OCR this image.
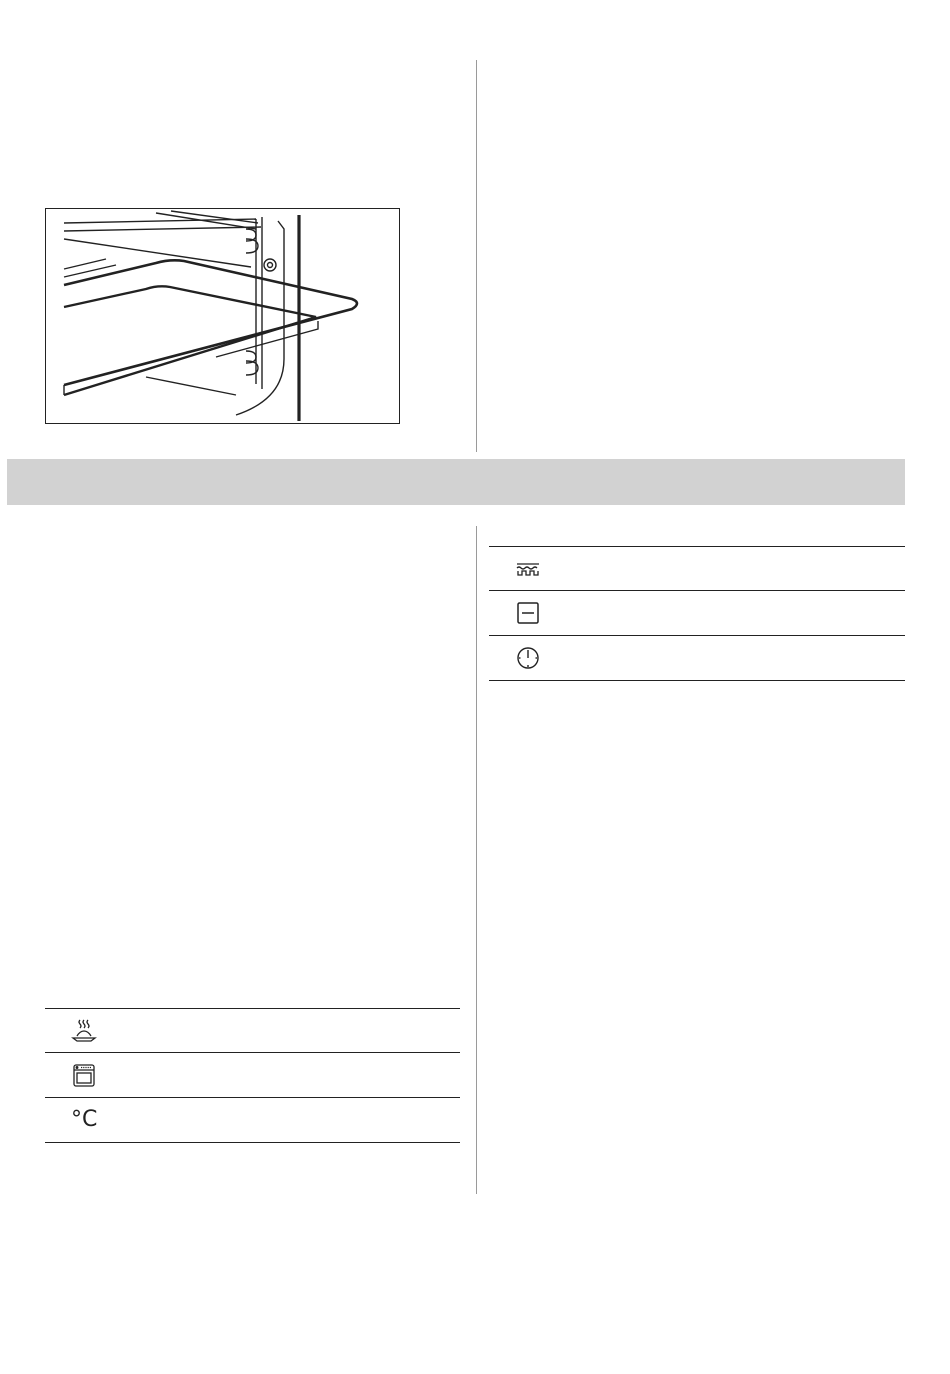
°C
